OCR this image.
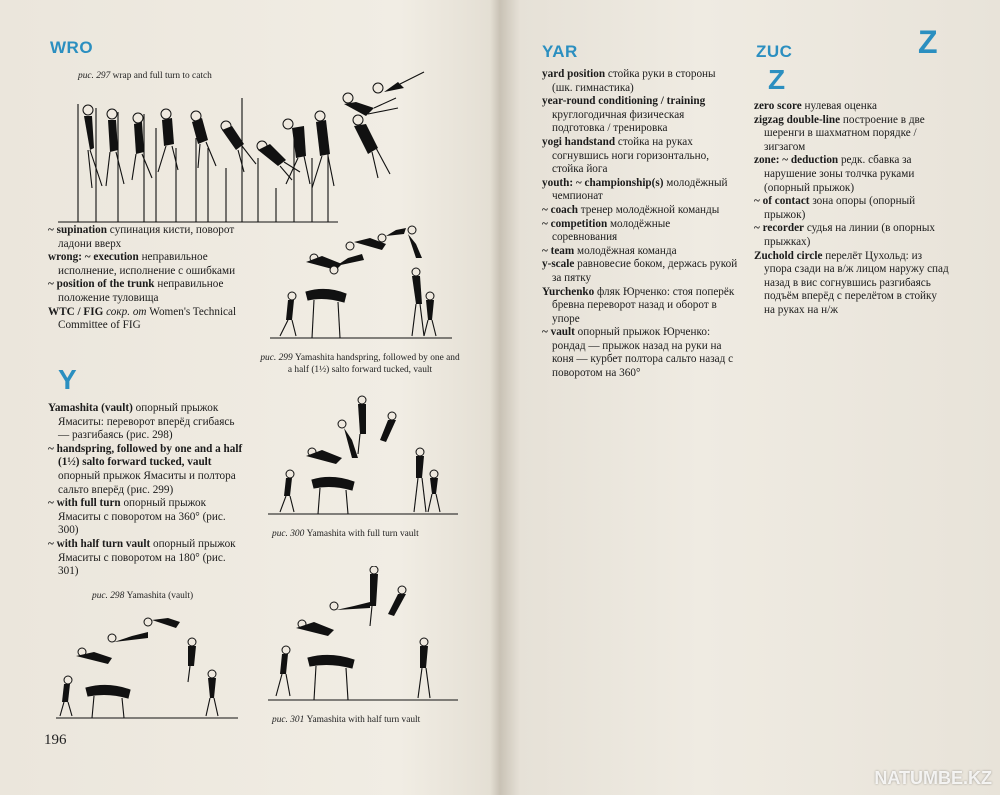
WRO
рис. 297 wrap and full turn to catch

~ supination супинация кисти, поворот ладони вверх

wrong: ~ execution неправильное исполнение, исполнение с ошибками

~ position of the trunk неправильное положение туловища

WTC / FIG сокр. от Women's Technical Committee of FIG

Y

Yamashita (vault) опорный прыжок Ямаситы: переворот вперёд сгибаясь — разгибаясь (рис. 298)

~ handspring, followed by one and a half (1½) salto forward tucked, vault опорный прыжок Ямаситы и полтора сальто вперёд (рис. 299)

~ with full turn опорный прыжок Ямаситы с поворотом на 360° (рис. 300)

~ with half turn vault опорный прыжок Ямаситы с поворотом на 180° (рис. 301)

рис. 299 Yamashita handspring, followed by one and a half (1½) salto forward tucked, vault
рис. 300 Yamashita with full turn vault
рис. 298 Yamashita (vault)
рис. 301 Yamashita with half turn vault
196
YAR	ZUC	Z

yard position стойка руки в стороны (шк. гимнастика)

year-round conditioning / training круглогодичная физическая подготовка / тренировка

yogi handstand стойка на руках согнувшись ноги горизонтально, стойка йога

youth: ~ championship(s) молодёжный чемпионат

~ coach тренер молодёжной команды

~ competition молодёжные соревнования

~ team молодёжная команда

y-scale равновесие боком, держась рукой за пятку

Yurchenko фляк Юрченко: стоя поперёк бревна переворот назад и оборот в упоре

~ vault опорный прыжок Юрченко: рондад — прыжок назад на руки на коня — курбет полтора сальто назад с поворотом на 360°

Z

zero score нулевая оценка

zigzag double-line построение в две шеренги в шахматном порядке / зигзагом

zone: ~ deduction редк. сбавка за нарушение зоны толчка руками (опорный прыжок)

~ of contact зона опоры (опорный прыжок)

~ recorder судья на линии (в опорных прыжках)

Zuchold circle перелёт Цухольд: из упора сзади на в/ж лицом наружу спад назад в вис согнувшись разгибаясь подъём вперёд с перелётом в стойку на руках на н/ж

NATUMBE.KZ
